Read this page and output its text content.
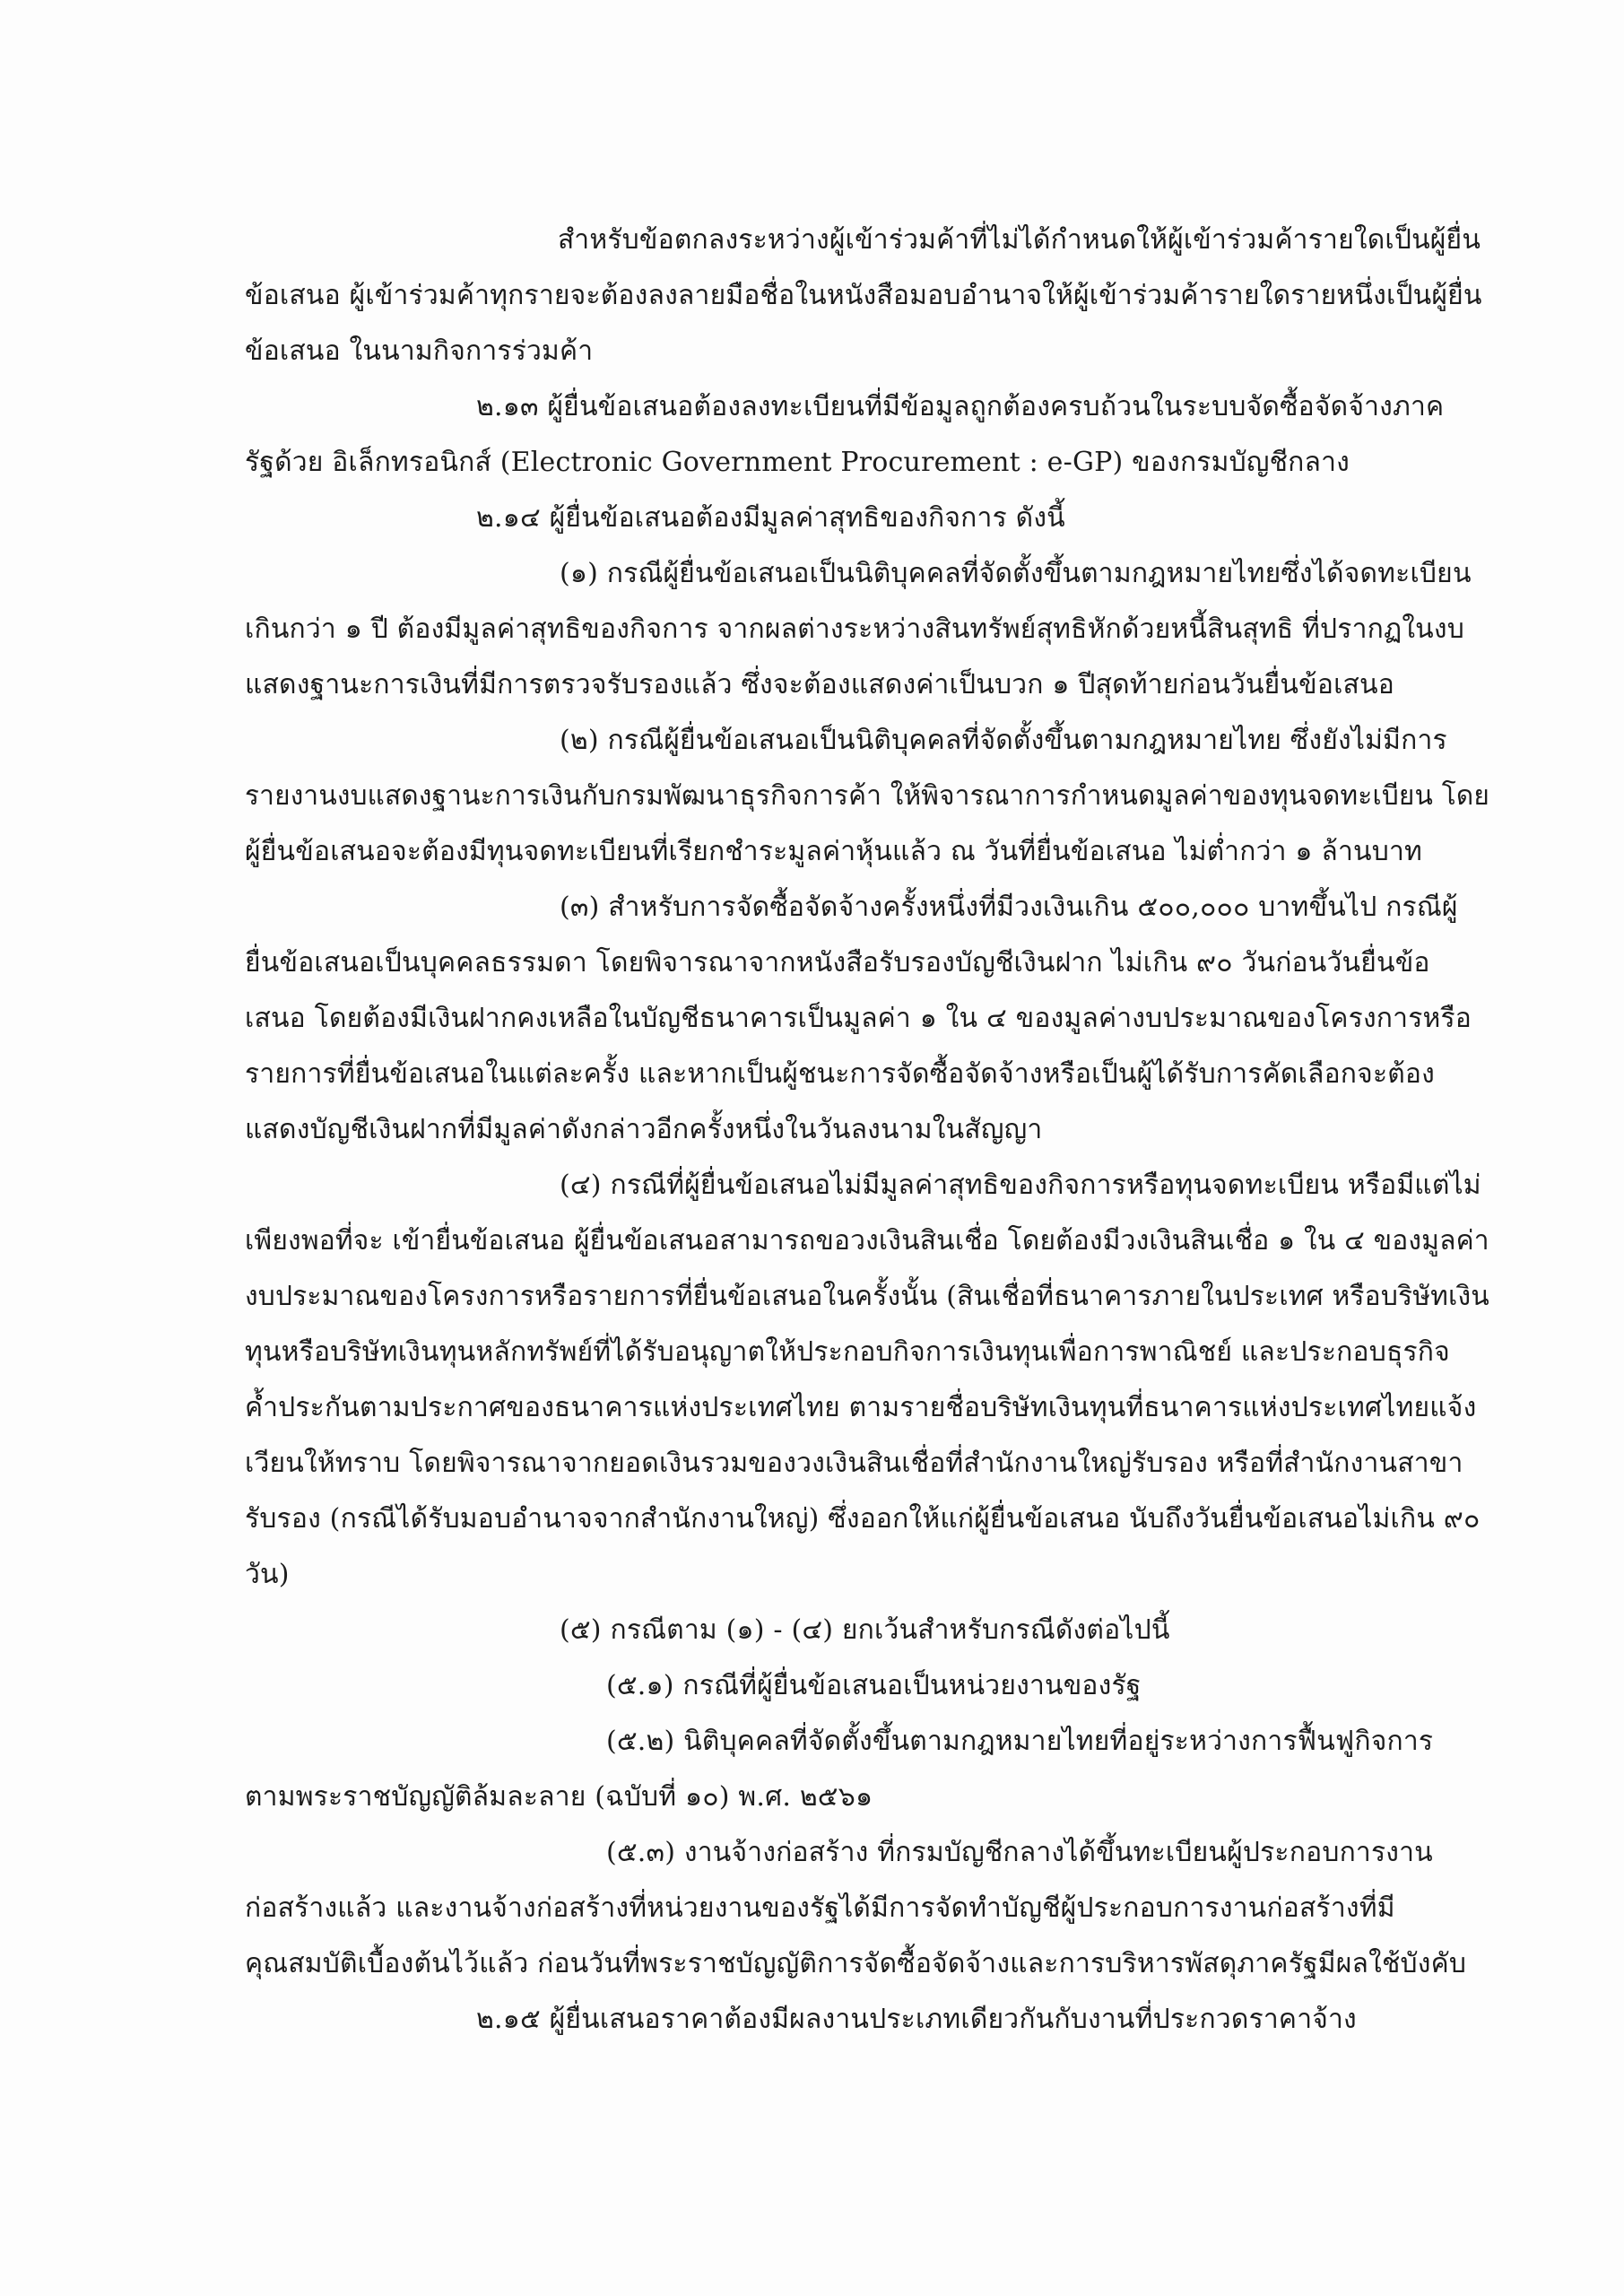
สำหรับข้อตกลงระหว่างผู้เข้าร่วมค้าที่ไม่ได้กำหนดให้ผู้เข้าร่วมค้ารายใดเป็นผู้ยื่น
ข้อเสนอ ผู้เข้าร่วมค้าทุกรายจะต้องลงลายมือชื่อในหนังสือมอบอำนาจให้ผู้เข้าร่วมค้ารายใดรายหนึ่งเป็นผู้ยื่น
ข้อเสนอ ในนามกิจการร่วมค้า
๒.๑๓ ผู้ยื่นข้อเสนอต้องลงทะเบียนที่มีข้อมูลถูกต้องครบถ้วนในระบบจัดซื้อจัดจ้างภาค
รัฐด้วย อิเล็กทรอนิกส์ (Electronic Government Procurement : e-GP) ของกรมบัญชีกลาง
๒.๑๔ ผู้ยื่นข้อเสนอต้องมีมูลค่าสุทธิของกิจการ ดังนี้
(๑) กรณีผู้ยื่นข้อเสนอเป็นนิติบุคคลที่จัดตั้งขึ้นตามกฎหมายไทยซึ่งได้จดทะเบียน
เกินกว่า ๑ ปี ต้องมีมูลค่าสุทธิของกิจการ จากผลต่างระหว่างสินทรัพย์สุทธิหักด้วยหนี้สินสุทธิ ที่ปรากฏในงบ
แสดงฐานะการเงินที่มีการตรวจรับรองแล้ว ซึ่งจะต้องแสดงค่าเป็นบวก ๑ ปีสุดท้ายก่อนวันยื่นข้อเสนอ
(๒) กรณีผู้ยื่นข้อเสนอเป็นนิติบุคคลที่จัดตั้งขึ้นตามกฎหมายไทย ซึ่งยังไม่มีการ
รายงานงบแสดงฐานะการเงินกับกรมพัฒนาธุรกิจการค้า ให้พิจารณาการกำหนดมูลค่าของทุนจดทะเบียน โดย
ผู้ยื่นข้อเสนอจะต้องมีทุนจดทะเบียนที่เรียกชำระมูลค่าหุ้นแล้ว ณ วันที่ยื่นข้อเสนอ ไม่ต่ำกว่า ๑ ล้านบาท
(๓) สำหรับการจัดซื้อจัดจ้างครั้งหนึ่งที่มีวงเงินเกิน ๕๐๐,๐๐๐ บาทขึ้นไป กรณีผู้
ยื่นข้อเสนอเป็นบุคคลธรรมดา โดยพิจารณาจากหนังสือรับรองบัญชีเงินฝาก ไม่เกิน ๙๐ วันก่อนวันยื่นข้อ
เสนอ โดยต้องมีเงินฝากคงเหลือในบัญชีธนาคารเป็นมูลค่า ๑ ใน ๔ ของมูลค่างบประมาณของโครงการหรือ
รายการที่ยื่นข้อเสนอในแต่ละครั้ง และหากเป็นผู้ชนะการจัดซื้อจัดจ้างหรือเป็นผู้ได้รับการคัดเลือกจะต้อง
แสดงบัญชีเงินฝากที่มีมูลค่าดังกล่าวอีกครั้งหนึ่งในวันลงนามในสัญญา
(๔) กรณีที่ผู้ยื่นข้อเสนอไม่มีมูลค่าสุทธิของกิจการหรือทุนจดทะเบียน หรือมีแต่ไม่
เพียงพอที่จะ เข้ายื่นข้อเสนอ ผู้ยื่นข้อเสนอสามารถขอวงเงินสินเชื่อ โดยต้องมีวงเงินสินเชื่อ ๑ ใน ๔ ของมูลค่า
งบประมาณของโครงการหรือรายการที่ยื่นข้อเสนอในครั้งนั้น (สินเชื่อที่ธนาคารภายในประเทศ หรือบริษัทเงิน
ทุนหรือบริษัทเงินทุนหลักทรัพย์ที่ได้รับอนุญาตให้ประกอบกิจการเงินทุนเพื่อการพาณิชย์ และประกอบธุรกิจ
ค้ำประกันตามประกาศของธนาคารแห่งประเทศไทย ตามรายชื่อบริษัทเงินทุนที่ธนาคารแห่งประเทศไทยแจ้ง
เวียนให้ทราบ โดยพิจารณาจากยอดเงินรวมของวงเงินสินเชื่อที่สำนักงานใหญ่รับรอง หรือที่สำนักงานสาขา
รับรอง (กรณีได้รับมอบอำนาจจากสำนักงานใหญ่) ซึ่งออกให้แก่ผู้ยื่นข้อเสนอ นับถึงวันยื่นข้อเสนอไม่เกิน ๙๐
วัน)
(๕) กรณีตาม (๑) - (๔) ยกเว้นสำหรับกรณีดังต่อไปนี้
(๕.๑) กรณีที่ผู้ยื่นข้อเสนอเป็นหน่วยงานของรัฐ
(๕.๒) นิติบุคคลที่จัดตั้งขึ้นตามกฎหมายไทยที่อยู่ระหว่างการฟื้นฟูกิจการ
ตามพระราชบัญญัติล้มละลาย (ฉบับที่ ๑๐) พ.ศ. ๒๕๖๑
(๕.๓) งานจ้างก่อสร้าง ที่กรมบัญชีกลางได้ขึ้นทะเบียนผู้ประกอบการงาน
ก่อสร้างแล้ว และงานจ้างก่อสร้างที่หน่วยงานของรัฐได้มีการจัดทำบัญชีผู้ประกอบการงานก่อสร้างที่มี
คุณสมบัติเบื้องต้นไว้แล้ว ก่อนวันที่พระราชบัญญัติการจัดซื้อจัดจ้างและการบริหารพัสดุภาครัฐมีผลใช้บังคับ
๒.๑๕ ผู้ยื่นเสนอราคาต้องมีผลงานประเภทเดียวกันกับงานที่ประกวดราคาจ้าง
